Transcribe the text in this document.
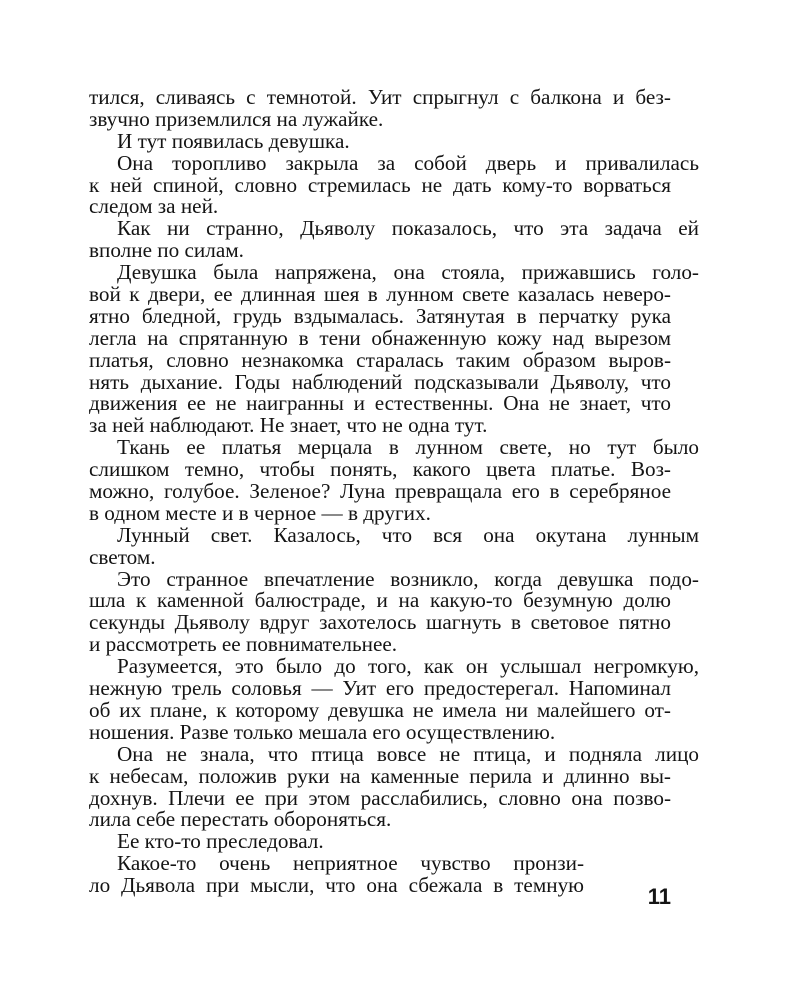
тился, сливаясь с темнотой. Уит спрыгнул с балкона и без-
звучно приземлился на лужайке.
И тут появилась девушка.
Она торопливо закрыла за собой дверь и привалилась
к ней спиной, словно стремилась не дать кому-то ворваться
следом за ней.
Как ни странно, Дьяволу показалось, что эта задача ей
вполне по силам.
Девушка была напряжена, она стояла, прижавшись голо-
вой к двери, ее длинная шея в лунном свете казалась неверо-
ятно бледной, грудь вздымалась. Затянутая в перчатку рука
легла на спрятанную в тени обнаженную кожу над вырезом
платья, словно незнакомка старалась таким образом выров-
нять дыхание. Годы наблюдений подсказывали Дьяволу, что
движения ее не наигранны и естественны. Она не знает, что
за ней наблюдают. Не знает, что не одна тут.
Ткань ее платья мерцала в лунном свете, но тут было
слишком темно, чтобы понять, какого цвета платье. Воз-
можно, голубое. Зеленое? Луна превращала его в серебряное
в одном месте и в черное — в других.
Лунный свет. Казалось, что вся она окутана лунным
светом.
Это странное впечатление возникло, когда девушка подо-
шла к каменной балюстраде, и на какую-то безумную долю
секунды Дьяволу вдруг захотелось шагнуть в световое пятно
и рассмотреть ее повнимательнее.
Разумеется, это было до того, как он услышал негромкую,
нежную трель соловья — Уит его предостерегал. Напоминал
об их плане, к которому девушка не имела ни малейшего от-
ношения. Разве только мешала его осуществлению.
Она не знала, что птица вовсе не птица, и подняла лицо
к небесам, положив руки на каменные перила и длинно вы-
дохнув. Плечи ее при этом расслабились, словно она позво-
лила себе перестать обороняться.
Ее кто-то преследовал.
Какое-то очень неприятное чувство пронзи-
ло Дьявола при мысли, что она сбежала в темную	11
